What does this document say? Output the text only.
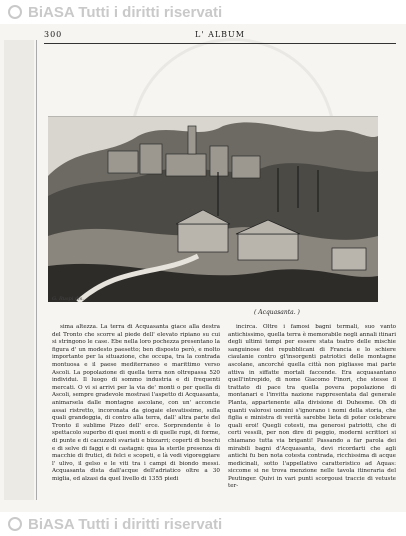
BiASA Tutti i diritti riservati
300	L' ALBUM
G. Ruspi dis.
( Acquasanta. )

sima altezza. La terra di Acquasanta giace alla destra del Tronto che scorre al piede dell' elevato ripiano su cui si stringono le case. Ebe nella loro pochezza presentano la figura d' un modesto paesetto; ben disposto però, e molto importante per la situazione, che occupa, tra la contrada montuosa e il paese mediterraneo e marittimo verso Ascoli. La popolazione di quella terra non oltrepassa 520 individui. Il luogo di sommo industria e di frequenti mercati. O vi si arrivi per la via de' monti o per quella di Ascoli, sempre gradevole mostrasi l'aspetto di Acquasanta, animarsela dalle montagne ascolane, con un' acconcie assai ristretto, incoronata da giogaie elevatissime, sulla quali grandeggia, di contro alla terra, dall' altra parte del Tronto il sublime Pizzo dell' erce. Sorprendente è lo spettacolo superbo di quei monti e di quelle rupi, di forme, di punte e di cacuzzoli svariati e bizzarri; coperti di boschi e di selve di faggi e di castagni: qua la sterile presenza di macchie di frutici, di felci e scopeti, e là vedi vigoreggiare l' ulivo, il gelso e le viti tra i campi di biondo messi. Acquasanta dista dall'acque dell'adriatico oltre a 30 miglia, ed alzasi da quel livello di 1355 piedi

incirca. Oltre i famosi bagni termali, suo vanto antichissimo, quella terra è memorabile negli annali itinari degli ultimi tempi per essere stata teatro delle mischie sanguinose dei repubblicani di Francia e lo schiere ciaulanie contro gl'insorgenti patriotici delle montagne ascolane, ancorché quella città non pigliasse mai parte attiva in siffatte mortali faccende. Era acquasantano quell'intrepido, di nome Giacomo Finori, che stesse il trattato di pace tra quella povera popolazione di montanari e l'invitta nazione rappresentata dal generale Planta, appartenente alla divisione di Duhesme. Oh di quanti valorosi uomini s'ignorano i nomi della storia, che figlia e ministra di verità sarebbe lieta di poter celebrare quali eroi! Quegli cotesti, ma generosi patriotti, che di certi vessili, per non dire di peggio, moderni scrittori si chiamano tutta via briganti! Passando a far parola dei mirabili bagni d'Acquasanta, devi ricordarti che agli antichi fu ben nota cotesta contrada, ricchissima di acque medicinali, sotto l'appellativo caratteristico ad Aquas: siccome si ne trova menzione nelle tavola itineraria del Peutinger. Quivi in vari punti scorgousi traccie di vetuste ter-

BiASA Tutti i diritti riservati
